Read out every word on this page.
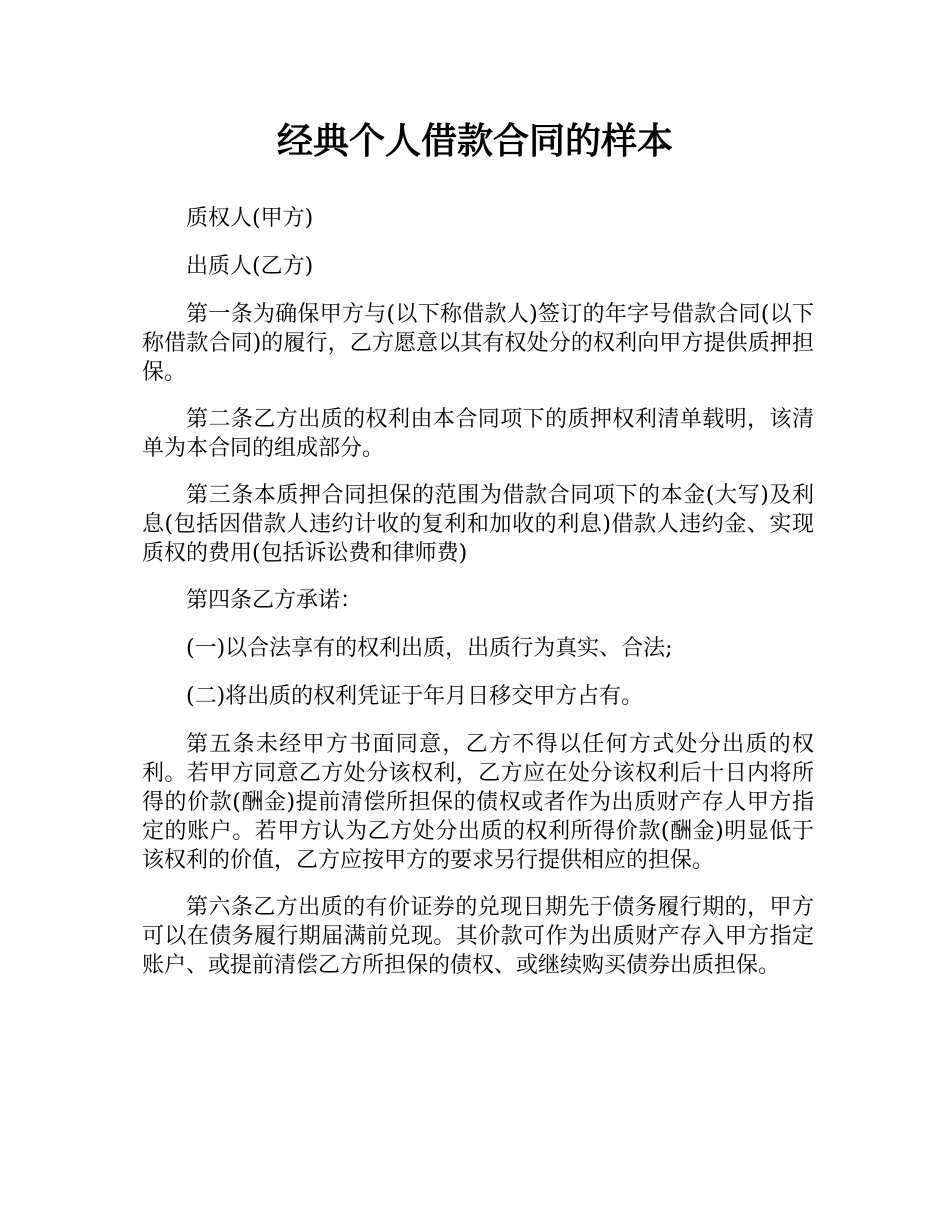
经典个人借款合同的样本

质权人(甲方)

出质人(乙方)

第一条为确保甲方与(以下称借款人)签订的年字号借款合同(以下称借款合同)的履行，乙方愿意以其有权处分的权利向甲方提供质押担保。

第二条乙方出质的权利由本合同项下的质押权利清单载明，该清单为本合同的组成部分。

第三条本质押合同担保的范围为借款合同项下的本金(大写)及利息(包括因借款人违约计收的复利和加收的利息)借款人违约金、实现质权的费用(包括诉讼费和律师费)

第四条乙方承诺：

(一)以合法享有的权利出质，出质行为真实、合法;

(二)将出质的权利凭证于年月日移交甲方占有。

第五条未经甲方书面同意，乙方不得以任何方式处分出质的权利。若甲方同意乙方处分该权利，乙方应在处分该权利后十日内将所得的价款(酬金)提前清偿所担保的债权或者作为出质财产存人甲方指定的账户。若甲方认为乙方处分出质的权利所得价款(酬金)明显低于该权利的价值，乙方应按甲方的要求另行提供相应的担保。

第六条乙方出质的有价证券的兑现日期先于债务履行期的，甲方可以在债务履行期届满前兑现。其价款可作为出质财产存入甲方指定账户、或提前清偿乙方所担保的债权、或继续购买债券出质担保。
